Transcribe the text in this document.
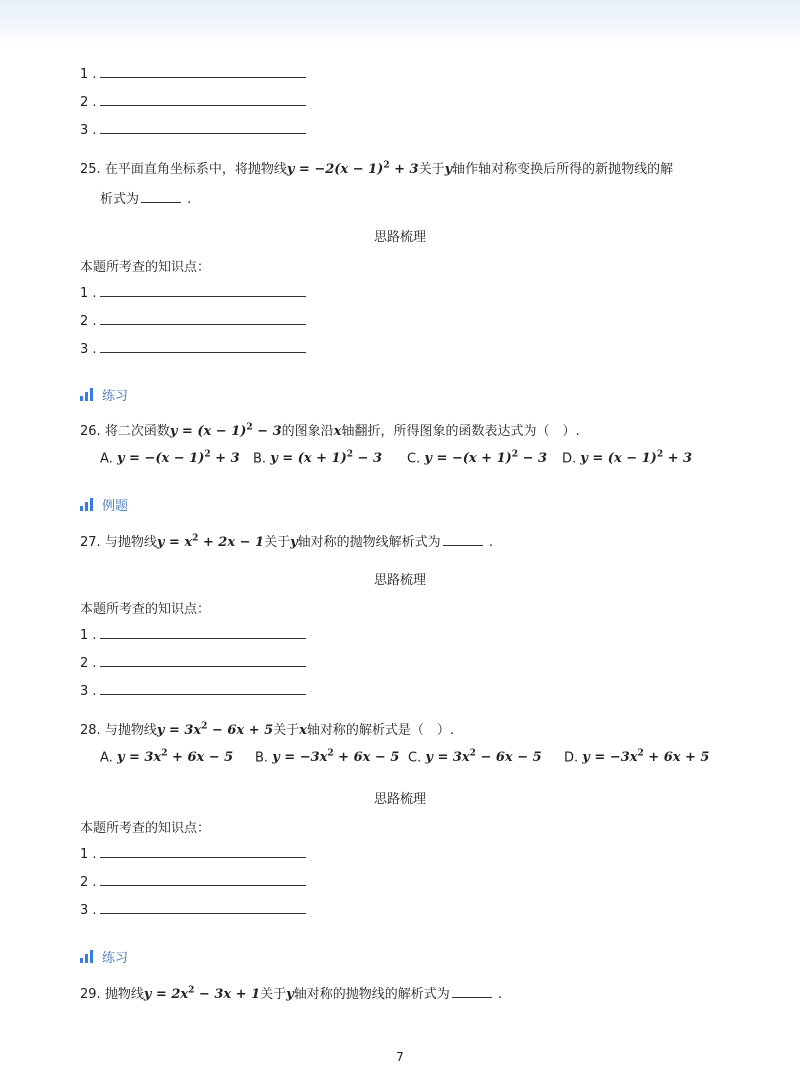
1 .
2 .
3 .
25. 在平面直角坐标系中，将抛物线$y = -2(x - 1)^2 + 3$关于y轴作轴对称变换后所得的新抛物线的解
析式为	.
思路梳理
本题所考查的知识点：
1 .
2 .
3 .
练习
26. 将二次函数$y = (x - 1)^2 - 3$的图象沿x轴翻折，所得图象的函数表达式为（　）.
A. $y = -(x - 1)^2 + 3$ B. $y = (x + 1)^2 - 3$ C. $y = -(x + 1)^2 - 3$ D. $y = (x - 1)^2 + 3$
例题
27. 与抛物线$y = x^2 + 2x - 1$关于y轴对称的抛物线解析式为	.
思路梳理
本题所考查的知识点：
1 .
2 .
3 .
28. 与抛物线$y = 3x^2 - 6x + 5$关于x轴对称的解析式是（　）.
A. $y = 3x^2 + 6x - 5$ B. $y = -3x^2 + 6x - 5$ C. $y = 3x^2 - 6x - 5$ D. $y = -3x^2 + 6x + 5$
思路梳理
本题所考查的知识点：
1 .
2 .
3 .
练习
29. 抛物线$y = 2x^2 - 3x + 1$关于y轴对称的抛物线的解析式为	.
7
